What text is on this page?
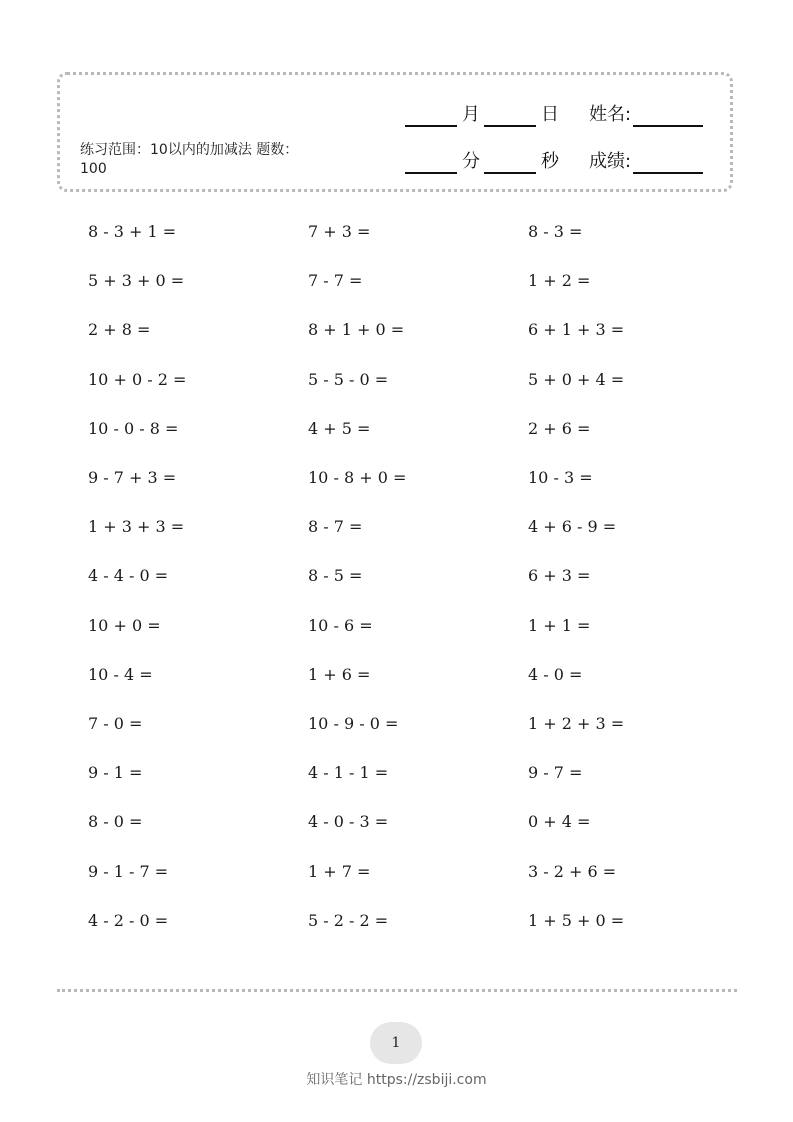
练习范围：10以内的加减法 题数：100
月	日	姓名:
分	秒	成绩:
8 - 3 + 1 =	7 + 3 =	8 - 3 =
5 + 3 + 0 =	7 - 7 =	1 + 2 =
2 + 8 =	8 + 1 + 0 =	6 + 1 + 3 =
10 + 0 - 2 =	5 - 5 - 0 =	5 + 0 + 4 =
10 - 0 - 8 =	4 + 5 =	2 + 6 =
9 - 7 + 3 =	10 - 8 + 0 =	10 - 3 =
1 + 3 + 3 =	8 - 7 =	4 + 6 - 9 =
4 - 4 - 0 =	8 - 5 =	6 + 3 =
10 + 0 =	10 - 6 =	1 + 1 =
10 - 4 =	1 + 6 =	4 - 0 =
7 - 0 =	10 - 9 - 0 =	1 + 2 + 3 =
9 - 1 =	4 - 1 - 1 =	9 - 7 =
8 - 0 =	4 - 0 - 3 =	0 + 4 =
9 - 1 - 7 =	1 + 7 =	3 - 2 + 6 =
4 - 2 - 0 =	5 - 2 - 2 =	1 + 5 + 0 =
1
知识笔记 https://zsbiji.com
